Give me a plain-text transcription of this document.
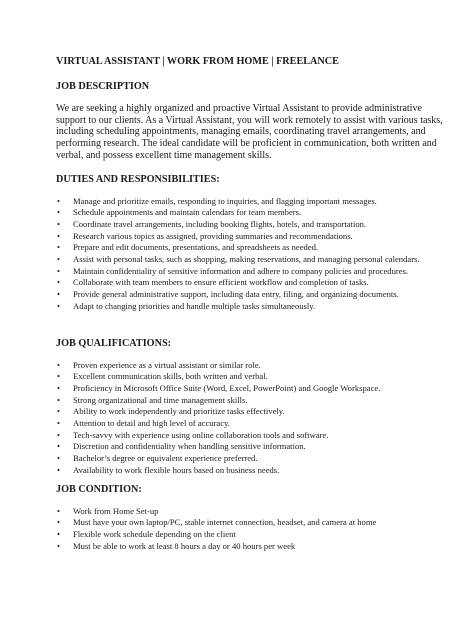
VIRTUAL ASSISTANT | WORK FROM HOME | FREELANCE
JOB DESCRIPTION
We are seeking a highly organized and proactive Virtual Assistant to provide administrative
support to our clients. As a Virtual Assistant, you will work remotely to assist with various tasks,
including scheduling appointments, managing emails, coordinating travel arrangements, and
performing research. The ideal candidate will be proficient in communication, both written and
verbal, and possess excellent time management skills.
DUTIES AND RESPONSIBILITIES:
• Manage and prioritize emails, responding to inquiries, and flagging important messages.
• Schedule appointments and maintain calendars for team members.
• Coordinate travel arrangements, including booking flights, hotels, and transportation.
• Research various topics as assigned, providing summaries and recommendations.
• Prepare and edit documents, presentations, and spreadsheets as needed.
• Assist with personal tasks, such as shopping, making reservations, and managing personal calendars.
• Maintain confidentiality of sensitive information and adhere to company policies and procedures.
• Collaborate with team members to ensure efficient workflow and completion of tasks.
• Provide general administrative support, including data entry, filing, and organizing documents.
• Adapt to changing priorities and handle multiple tasks simultaneously.
JOB QUALIFICATIONS:
• Proven experience as a virtual assistant or similar role.
• Excellent communication skills, both written and verbal.
• Proficiency in Microsoft Office Suite (Word, Excel, PowerPoint) and Google Workspace.
• Strong organizational and time management skills.
• Ability to work independently and prioritize tasks effectively.
• Attention to detail and high level of accuracy.
• Tech-savvy with experience using online collaboration tools and software.
• Discretion and confidentiality when handling sensitive information.
• Bachelor’s degree or equivalent experience preferred.
• Availability to work flexible hours based on business needs.
JOB CONDITION:
• Work from Home Set-up
• Must have your own laptop/PC, stable internet connection, headset, and camera at home
• Flexible work schedule depending on the client
• Must be able to work at least 8 hours a day or 40 hours per week
